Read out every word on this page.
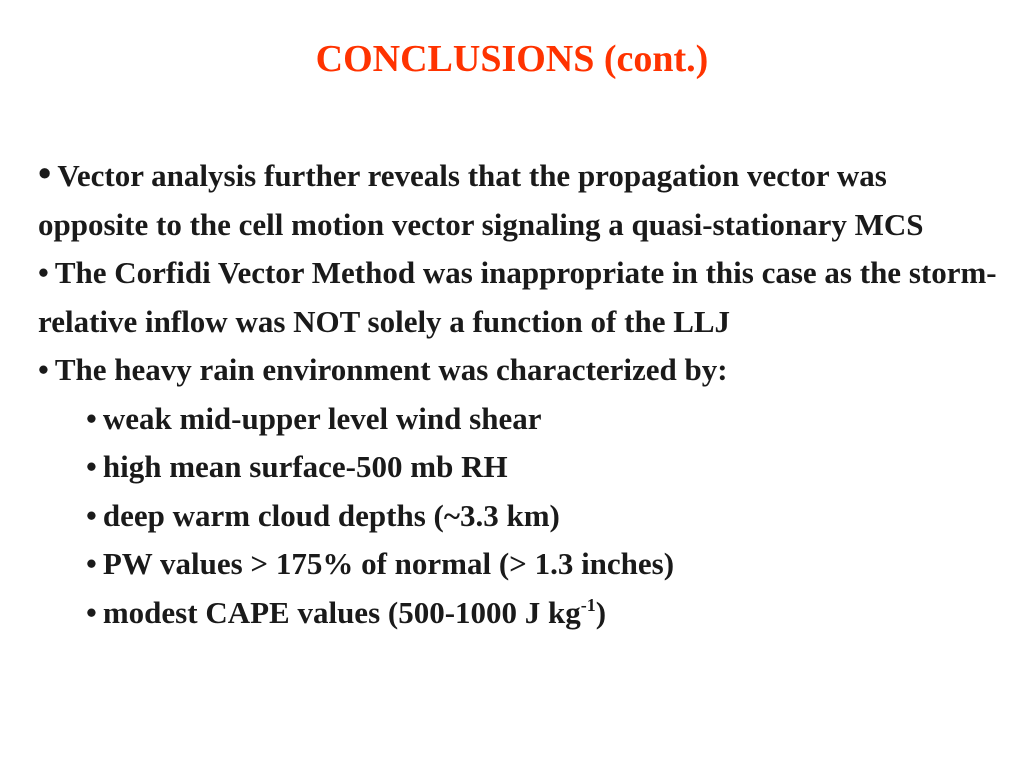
CONCLUSIONS (cont.)

• Vector analysis further reveals that the propagation vector was opposite to the cell motion vector signaling a quasi-stationary MCS

• The Corfidi Vector Method was inappropriate in this case as the storm-relative inflow was NOT solely a function of the LLJ

• The heavy rain environment was characterized by:

• weak mid-upper level wind shear

• high mean surface-500 mb RH

• deep warm cloud depths (~3.3 km)

• PW values > 175% of normal (> 1.3 inches)

• modest CAPE values (500-1000 J $kg^{-1}$)
